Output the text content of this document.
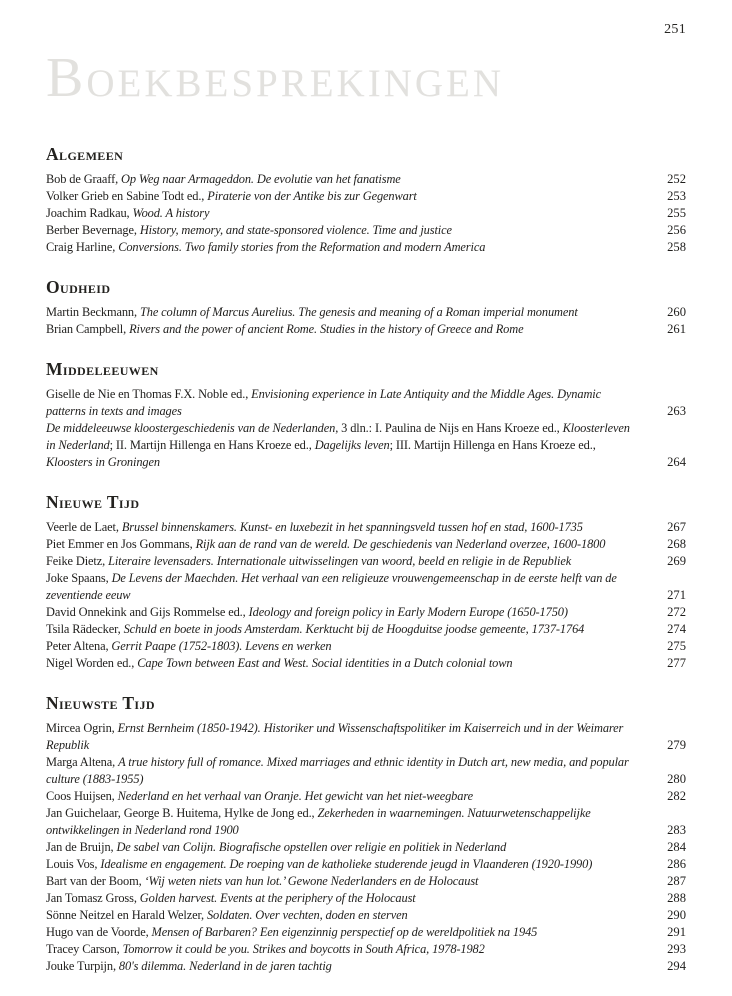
251
Boekbesprekingen
Algemeen
Bob de Graaff, Op Weg naar Armageddon. De evolutie van het fanatisme	252
Volker Grieb en Sabine Todt ed., Piraterie von der Antike bis zur Gegenwart	253
Joachim Radkau, Wood. A history	255
Berber Bevernage, History, memory, and state-sponsored violence. Time and justice	256
Craig Harline, Conversions. Two family stories from the Reformation and modern America	258
Oudheid
Martin Beckmann, The column of Marcus Aurelius. The genesis and meaning of a Roman imperial monument	260
Brian Campbell, Rivers and the power of ancient Rome. Studies in the history of Greece and Rome	261
Middeleeuwen
Giselle de Nie en Thomas F.X. Noble ed., Envisioning experience in Late Antiquity and the Middle Ages. Dynamic patterns in texts and images	263
De middeleeuwse kloostergeschiedenis van de Nederlanden, 3 dln.: I. Paulina de Nijs en Hans Kroeze ed., Kloosterleven in Nederland; II. Martijn Hillenga en Hans Kroeze ed., Dagelijks leven; III. Martijn Hillenga en Hans Kroeze ed., Kloosters in Groningen	264
Nieuwe Tijd
Veerle de Laet, Brussel binnenskamers. Kunst- en luxebezit in het spanningsveld tussen hof en stad, 1600-1735	267
Piet Emmer en Jos Gommans, Rijk aan de rand van de wereld. De geschiedenis van Nederland overzee, 1600-1800	268
Feike Dietz, Literaire levensaders. Internationale uitwisselingen van woord, beeld en religie in de Republiek	269
Joke Spaans, De Levens der Maechden. Het verhaal van een religieuze vrouwengemeenschap in de eerste helft van de zeventiende eeuw	271
David Onnekink and Gijs Rommelse ed., Ideology and foreign policy in Early Modern Europe (1650-1750)	272
Tsila Rädecker, Schuld en boete in joods Amsterdam. Kerktucht bij de Hoogduitse joodse gemeente, 1737-1764	274
Peter Altena, Gerrit Paape (1752-1803). Levens en werken	275
Nigel Worden ed., Cape Town between East and West. Social identities in a Dutch colonial town	277
Nieuwste Tijd
Mircea Ogrin, Ernst Bernheim (1850-1942). Historiker und Wissenschaftspolitiker im Kaiserreich und in der Weimarer Republik	279
Marga Altena, A true history full of romance. Mixed marriages and ethnic identity in Dutch art, new media, and popular culture (1883-1955)	280
Coos Huijsen, Nederland en het verhaal van Oranje. Het gewicht van het niet-weegbare	282
Jan Guichelaar, George B. Huitema, Hylke de Jong ed., Zekerheden in waarnemingen. Natuurwetenschappelijke ontwikkelingen in Nederland rond 1900	283
Jan de Bruijn, De sabel van Colijn. Biografische opstellen over religie en politiek in Nederland	284
Louis Vos, Idealisme en engagement. De roeping van de katholieke studerende jeugd in Vlaanderen (1920-1990)	286
Bart van der Boom, ‘Wij weten niets van hun lot.’ Gewone Nederlanders en de Holocaust	287
Jan Tomasz Gross, Golden harvest. Events at the periphery of the Holocaust	288
Sönne Neitzel en Harald Welzer, Soldaten. Over vechten, doden en sterven	290
Hugo van de Voorde, Mensen of Barbaren? Een eigenzinnig perspectief op de wereldpolitiek na 1945	291
Tracey Carson, Tomorrow it could be you. Strikes and boycotts in South Africa, 1978-1982	293
Jouke Turpijn, 80's dilemma. Nederland in de jaren tachtig	294
